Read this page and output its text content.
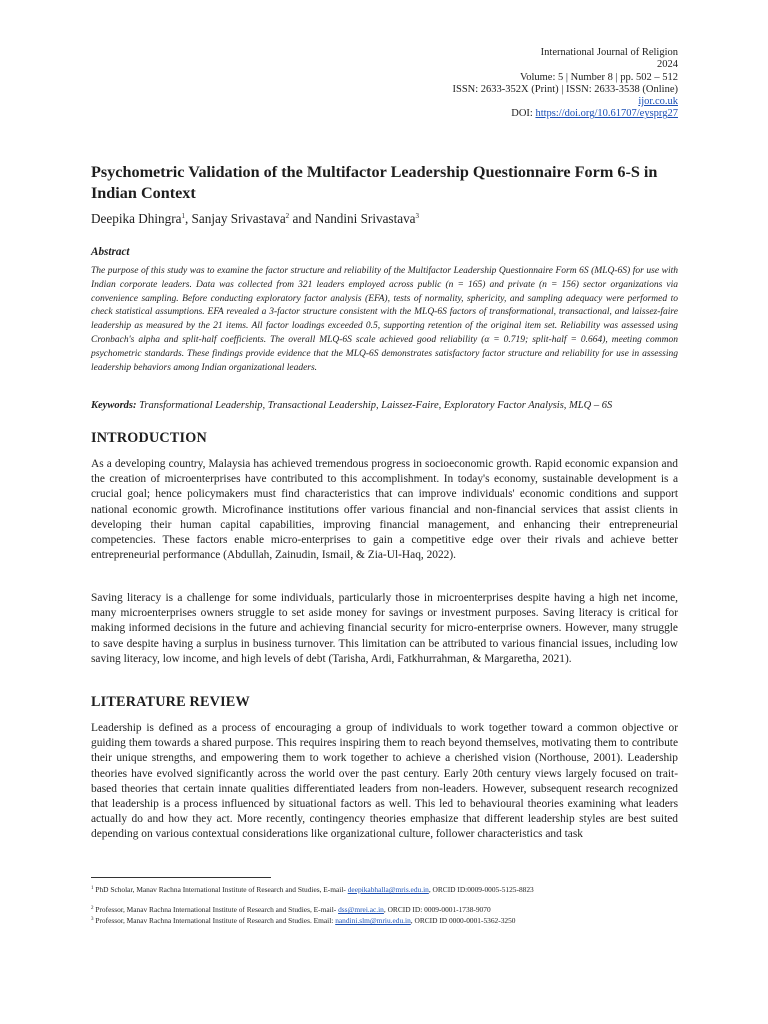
International Journal of Religion
2024
Volume: 5 | Number 8 | pp. 502 – 512
ISSN: 2633-352X (Print) | ISSN: 2633-3538 (Online)
ijor.co.uk
DOI: https://doi.org/10.61707/eysprg27
Psychometric Validation of the Multifactor Leadership Questionnaire Form 6-S in Indian Context
Deepika Dhingra$^1$, Sanjay Srivastava$^2$ and Nandini Srivastava$^3$
Abstract

The purpose of this study was to examine the factor structure and reliability of the Multifactor Leadership Questionnaire Form 6S (MLQ-6S) for use with Indian corporate leaders. Data was collected from 321 leaders employed across public (n = 165) and private (n = 156) sector organizations via convenience sampling. Before conducting exploratory factor analysis (EFA), tests of normality, sphericity, and sampling adequacy were performed to check statistical assumptions. EFA revealed a 3-factor structure consistent with the MLQ-6S factors of transformational, transactional, and laissez-faire leadership as measured by the 21 items. All factor loadings exceeded 0.5, supporting retention of the original item set. Reliability was assessed using Cronbach's alpha and split-half coefficients. The overall MLQ-6S scale achieved good reliability (α = 0.719; split-half = 0.664), meeting common psychometric standards. These findings provide evidence that the MLQ-6S demonstrates satisfactory factor structure and reliability for use in assessing leadership behaviors among Indian organizational leaders.

Keywords: Transformational Leadership, Transactional Leadership, Laissez-Faire, Exploratory Factor Analysis, MLQ – 6S
INTRODUCTION

As a developing country, Malaysia has achieved tremendous progress in socioeconomic growth. Rapid economic expansion and the creation of microenterprises have contributed to this accomplishment. In today's economy, sustainable development is a crucial goal; hence policymakers must find characteristics that can improve individuals' economic conditions and support national economic growth. Microfinance institutions offer various financial and non-financial services that assist clients in developing their human capital capabilities, improving financial management, and enhancing their entrepreneurial competencies. These factors enable micro-enterprises to gain a competitive edge over their rivals and achieve better entrepreneurial performance (Abdullah, Zainudin, Ismail, & Zia-Ul-Haq, 2022).

Saving literacy is a challenge for some individuals, particularly those in microenterprises despite having a high net income, many microenterprises owners struggle to set aside money for savings or investment purposes. Saving literacy is critical for making informed decisions in the future and achieving financial security for micro-enterprise owners. However, many struggle to save despite having a surplus in business turnover. This limitation can be attributed to various financial issues, including low saving literacy, low income, and high levels of debt (Tarisha, Ardi, Fatkhurrahman, & Margaretha, 2021).

LITERATURE REVIEW

Leadership is defined as a process of encouraging a group of individuals to work together toward a common objective or guiding them towards a shared purpose. This requires inspiring them to reach beyond themselves, motivating them to contribute their unique strengths, and empowering them to work together to achieve a cherished vision (Northouse, 2001). Leadership theories have evolved significantly across the world over the past century. Early 20th century views largely focused on trait-based theories that certain innate qualities differentiated leaders from non-leaders. However, subsequent research recognized that leadership is a process influenced by situational factors as well. This led to behavioural theories examining what leaders actually do and how they act. More recently, contingency theories emphasize that different leadership styles are best suited depending on various contextual considerations like organizational culture, follower characteristics and task

$^1$ PhD Scholar, Manav Rachna International Institute of Research and Studies, E-mail- deepikabhalla@mris.edu.in, ORCID ID:0009-0005-5125-8823
$^2$ Professor, Manav Rachna International Institute of Research and Studies, E-mail- dss@mrei.ac.in, ORCID ID: 0009-0001-1738-9070
$^3$ Professor, Manav Rachna International Institute of Research and Studies. Email: nandini.slm@mriu.edu.in, ORCID ID 0000-0001-5362-3250
